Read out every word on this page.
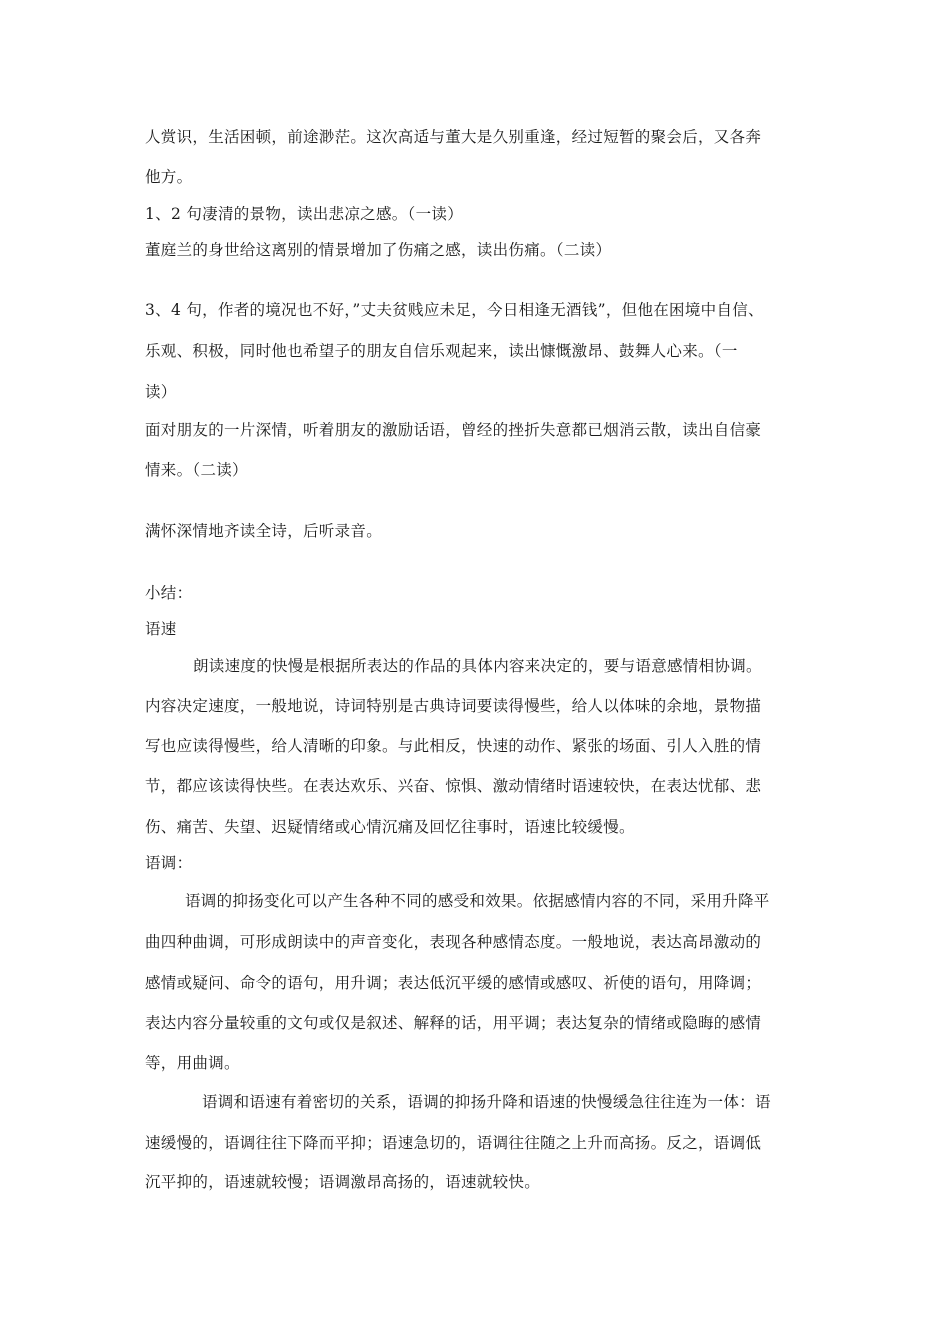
人赏识，生活困顿，前途渺茫。这次高适与董大是久别重逢，经过短暂的聚会后，又各奔
他方。
1、2 句凄清的景物，读出悲凉之感。（一读）
董庭兰的身世给这离别的情景增加了伤痛之感，读出伤痛。（二读）
3、4 句，作者的境况也不好，”丈夫贫贱应未足，今日相逢无酒钱”，但他在困境中自信、
乐观、积极，同时他也希望子的朋友自信乐观起来，读出慷慨激昂、鼓舞人心来。（一
读）
面对朋友的一片深情，听着朋友的激励话语，曾经的挫折失意都已烟消云散，读出自信豪
情来。（二读）
满怀深情地齐读全诗，后听录音。
小结：
语速
朗读速度的快慢是根据所表达的作品的具体内容来决定的，要与语意感情相协调。
内容决定速度，一般地说，诗词特别是古典诗词要读得慢些，给人以体味的余地，景物描
写也应读得慢些，给人清晰的印象。与此相反，快速的动作、紧张的场面、引人入胜的情
节，都应该读得快些。在表达欢乐、兴奋、惊惧、激动情绪时语速较快，在表达忧郁、悲
伤、痛苦、失望、迟疑情绪或心情沉痛及回忆往事时，语速比较缓慢。
语调：
语调的抑扬变化可以产生各种不同的感受和效果。依据感情内容的不同，采用升降平
曲四种曲调，可形成朗读中的声音变化，表现各种感情态度。一般地说，表达高昂激动的
感情或疑问、命令的语句，用升调；表达低沉平缓的感情或感叹、祈使的语句，用降调；
表达内容分量较重的文句或仅是叙述、解释的话，用平调；表达复杂的情绪或隐晦的感情
等，用曲调。
语调和语速有着密切的关系，语调的抑扬升降和语速的快慢缓急往往连为一体：语
速缓慢的，语调往往下降而平抑；语速急切的，语调往往随之上升而高扬。反之，语调低
沉平抑的，语速就较慢；语调激昂高扬的，语速就较快。
